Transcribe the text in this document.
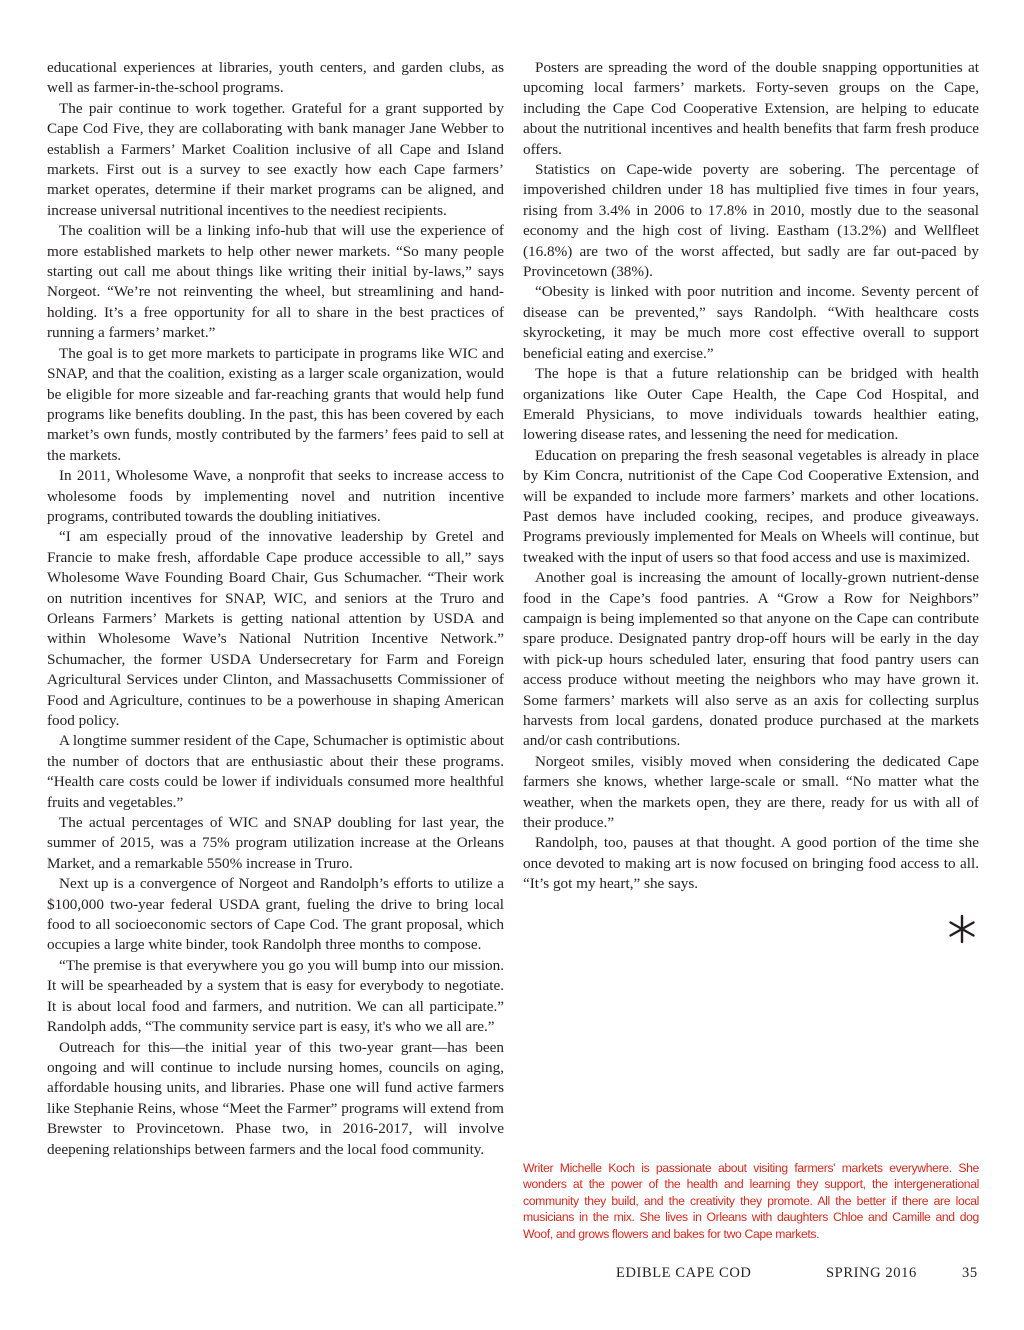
educational experiences at libraries, youth centers, and garden clubs, as well as farmer-in-the-school programs.

The pair continue to work together. Grateful for a grant supported by Cape Cod Five, they are collaborating with bank manager Jane Webber to establish a Farmers’ Market Coalition inclusive of all Cape and Island markets. First out is a survey to see exactly how each Cape farmers’ market operates, determine if their market programs can be aligned, and increase universal nutritional incentives to the neediest recipients.

The coalition will be a linking info-hub that will use the experience of more established markets to help other newer markets. “So many people starting out call me about things like writing their initial by-laws,” says Norgeot. “We’re not reinventing the wheel, but streamlining and hand-holding. It’s a free opportunity for all to share in the best practices of running a farmers’ market.”

The goal is to get more markets to participate in programs like WIC and SNAP, and that the coalition, existing as a larger scale organization, would be eligible for more sizeable and far-reaching grants that would help fund programs like benefits doubling. In the past, this has been covered by each market’s own funds, mostly contributed by the farmers’ fees paid to sell at the markets.

In 2011, Wholesome Wave, a nonprofit that seeks to increase access to wholesome foods by implementing novel and nutrition incentive programs, contributed towards the doubling initiatives.

“I am especially proud of the innovative leadership by Gretel and Francie to make fresh, affordable Cape produce accessible to all,” says Wholesome Wave Founding Board Chair, Gus Schumacher. “Their work on nutrition incentives for SNAP, WIC, and seniors at the Truro and Orleans Farmers’ Markets is getting national attention by USDA and within Wholesome Wave’s National Nutrition Incentive Network.” Schumacher, the former USDA Undersecretary for Farm and Foreign Agricultural Services under Clinton, and Massachusetts Commissioner of Food and Agriculture, continues to be a powerhouse in shaping American food policy.

A longtime summer resident of the Cape, Schumacher is optimistic about the number of doctors that are enthusiastic about their these programs. “Health care costs could be lower if individuals consumed more healthful fruits and vegetables.”

The actual percentages of WIC and SNAP doubling for last year, the summer of 2015, was a 75% program utilization increase at the Orleans Market, and a remarkable 550% increase in Truro.

Next up is a convergence of Norgeot and Randolph’s efforts to utilize a $100,000 two-year federal USDA grant, fueling the drive to bring local food to all socioeconomic sectors of Cape Cod. The grant proposal, which occupies a large white binder, took Randolph three months to compose.

“The premise is that everywhere you go you will bump into our mission. It will be spearheaded by a system that is easy for everybody to negotiate. It is about local food and farmers, and nutrition. We can all participate.” Randolph adds, “The community service part is easy, it's who we all are.”

Outreach for this—the initial year of this two-year grant—has been ongoing and will continue to include nursing homes, councils on aging, affordable housing units, and libraries. Phase one will fund active farmers like Stephanie Reins, whose “Meet the Farmer” programs will extend from Brewster to Provincetown. Phase two, in 2016-2017, will involve deepening relationships between farmers and the local food community.

Posters are spreading the word of the double snapping opportunities at upcoming local farmers’ markets. Forty-seven groups on the Cape, including the Cape Cod Cooperative Extension, are helping to educate about the nutritional incentives and health benefits that farm fresh produce offers.

Statistics on Cape-wide poverty are sobering. The percentage of impoverished children under 18 has multiplied five times in four years, rising from 3.4% in 2006 to 17.8% in 2010, mostly due to the seasonal economy and the high cost of living. Eastham (13.2%) and Wellfleet (16.8%) are two of the worst affected, but sadly are far out-paced by Provincetown (38%).

“Obesity is linked with poor nutrition and income. Seventy percent of disease can be prevented,” says Randolph. “With healthcare costs skyrocketing, it may be much more cost effective overall to support beneficial eating and exercise.”

The hope is that a future relationship can be bridged with health organizations like Outer Cape Health, the Cape Cod Hospital, and Emerald Physicians, to move individuals towards healthier eating, lowering disease rates, and lessening the need for medication.

Education on preparing the fresh seasonal vegetables is already in place by Kim Concra, nutritionist of the Cape Cod Cooperative Extension, and will be expanded to include more farmers’ markets and other locations. Past demos have included cooking, recipes, and produce giveaways. Programs previously implemented for Meals on Wheels will continue, but tweaked with the input of users so that food access and use is maximized.

Another goal is increasing the amount of locally-grown nutrient-dense food in the Cape’s food pantries. A “Grow a Row for Neighbors” campaign is being implemented so that anyone on the Cape can contribute spare produce. Designated pantry drop-off hours will be early in the day with pick-up hours scheduled later, ensuring that food pantry users can access produce without meeting the neighbors who may have grown it. Some farmers’ markets will also serve as an axis for collecting surplus harvests from local gardens, donated produce purchased at the markets and/or cash contributions.

Norgeot smiles, visibly moved when considering the dedicated Cape farmers she knows, whether large-scale or small. “No matter what the weather, when the markets open, they are there, ready for us with all of their produce.”

Randolph, too, pauses at that thought. A good portion of the time she once devoted to making art is now focused on bringing food access to all. “It’s got my heart,” she says.

Writer Michelle Koch is passionate about visiting farmers' markets everywhere. She wonders at the power of the health and learning they support, the intergenerational community they build, and the creativity they promote. All the better if there are local musicians in the mix. She lives in Orleans with daughters Chloe and Camille and dog Woof, and grows flowers and bakes for two Cape markets.
EDIBLE CAPE COD	SPRING 2016	35
